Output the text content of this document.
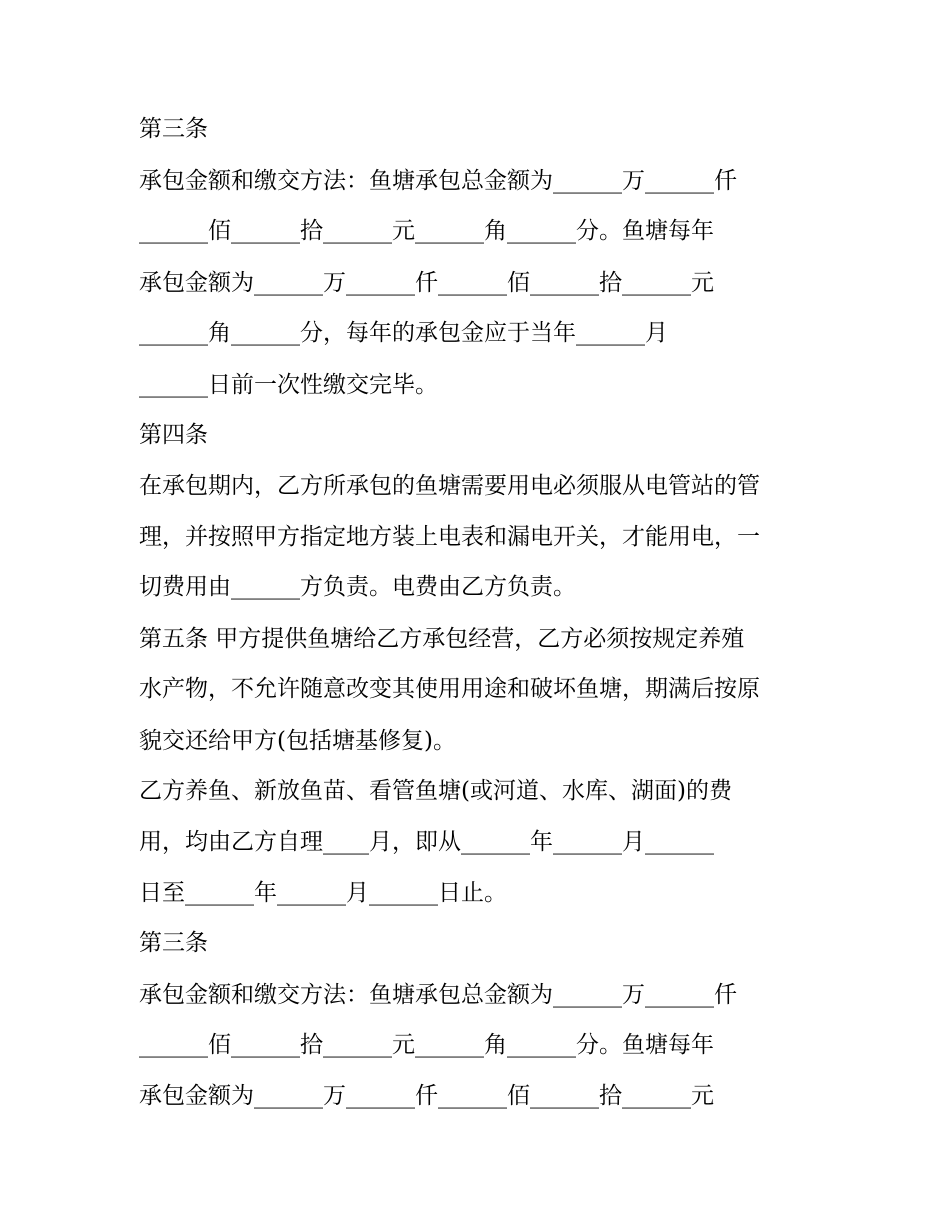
第三条

承包金额和缴交方法：鱼塘承包总金额为______万______仟

______佰______拾______元______角______分。鱼塘每年

承包金额为______万______仟______佰______拾______元

______角______分，每年的承包金应于当年______月

______日前一次性缴交完毕。

第四条

在承包期内，乙方所承包的鱼塘需要用电必须服从电管站的管

理，并按照甲方指定地方装上电表和漏电开关，才能用电，一

切费用由______方负责。电费由乙方负责。

第五条 甲方提供鱼塘给乙方承包经营，乙方必须按规定养殖

水产物，不允许随意改变其使用用途和破坏鱼塘，期满后按原

貌交还给甲方(包括塘基修复)。

乙方养鱼、新放鱼苗、看管鱼塘(或河道、水库、湖面)的费

用，均由乙方自理____月，即从______年______月______

日至______年______月______日止。

第三条

承包金额和缴交方法：鱼塘承包总金额为______万______仟

______佰______拾______元______角______分。鱼塘每年

承包金额为______万______仟______佰______拾______元
